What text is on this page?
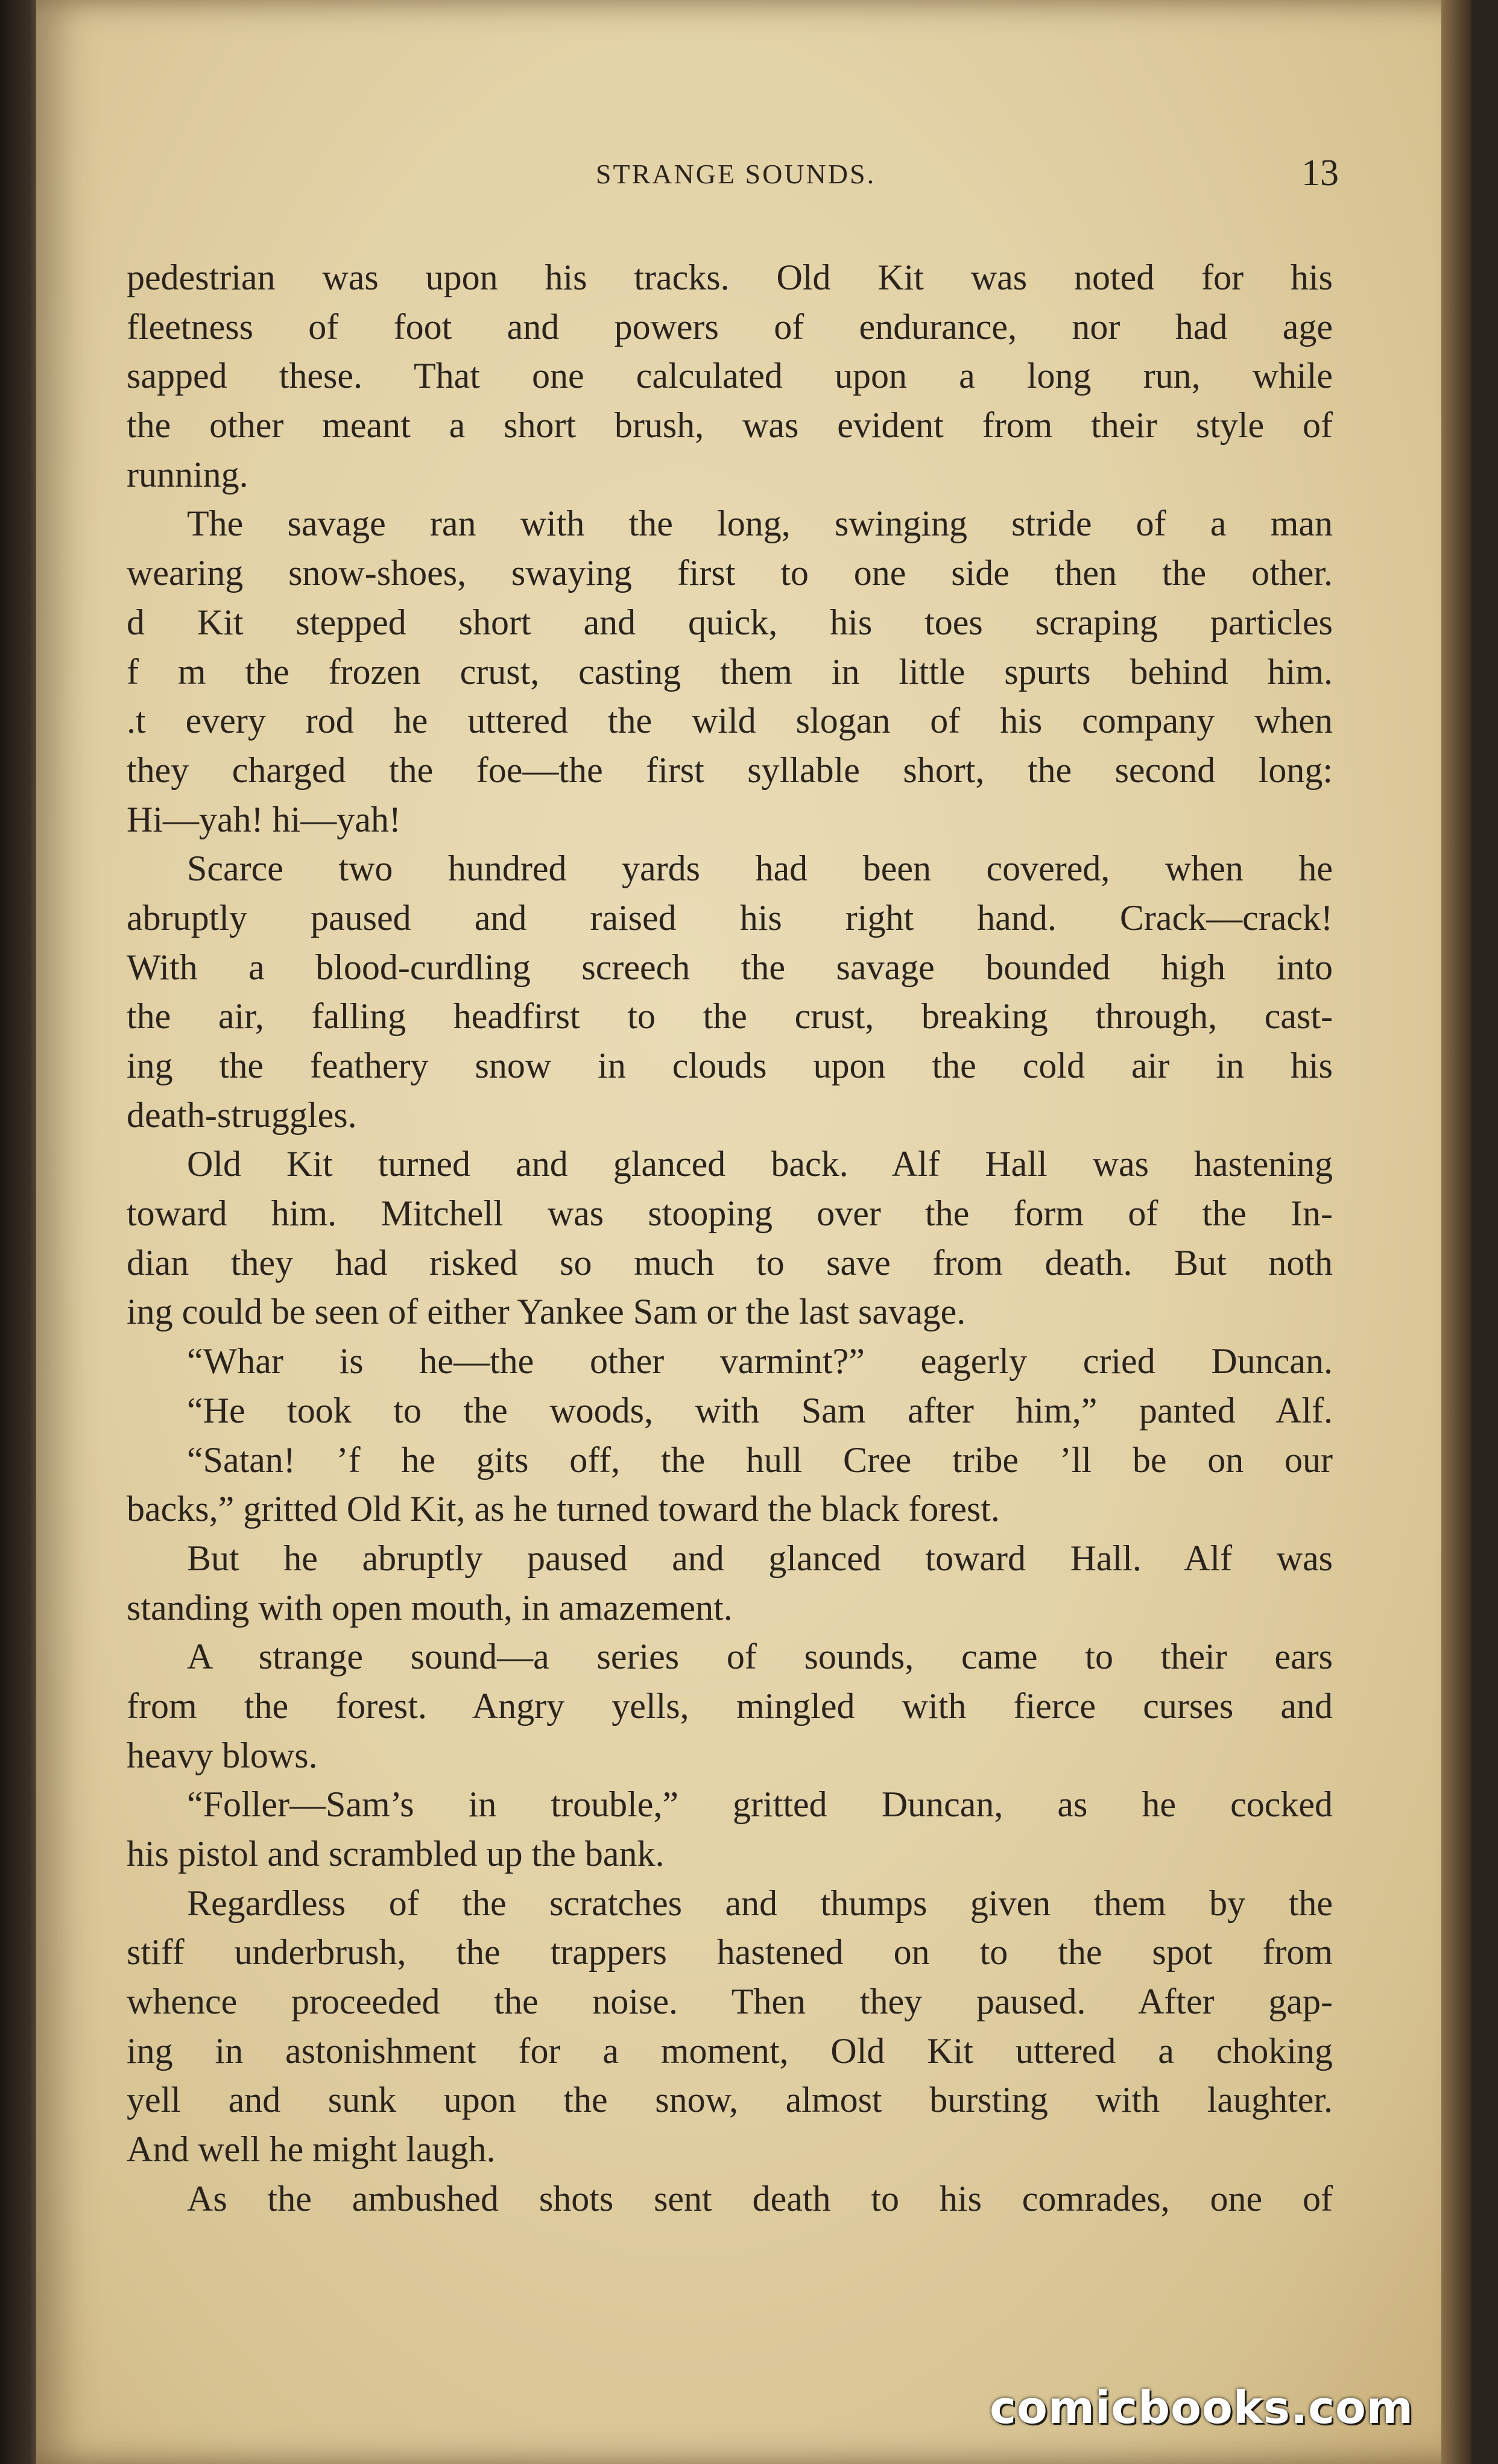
STRANGE SOUNDS.	13
pedestrian was upon his tracks. Old Kit was noted for his
fleetness of foot and powers of endurance, nor had age
sapped these. That one calculated upon a long run, while
the other meant a short brush, was evident from their style of
running.
The savage ran with the long, swinging stride of a man
wearing snow-shoes, swaying first to one side then the other.
d Kit stepped short and quick, his toes scraping particles
f m the frozen crust, casting them in little spurts behind him.
.t every rod he uttered the wild slogan of his company when
they charged the foe—the first syllable short, the second long:
Hi—yah! hi—yah!
Scarce two hundred yards had been covered, when he
abruptly paused and raised his right hand. Crack—crack!
With a blood-curdling screech the savage bounded high into
the air, falling headfirst to the crust, breaking through, cast-
ing the feathery snow in clouds upon the cold air in his
death-struggles.
Old Kit turned and glanced back. Alf Hall was hastening
toward him. Mitchell was stooping over the form of the In-
dian they had risked so much to save from death. But noth
ing could be seen of either Yankee Sam or the last savage.
“Whar is he—the other varmint?” eagerly cried Duncan.
“He took to the woods, with Sam after him,” panted Alf.
“Satan! ’f he gits off, the hull Cree tribe ’ll be on our
backs,” gritted Old Kit, as he turned toward the black forest.
But he abruptly paused and glanced toward Hall. Alf was
standing with open mouth, in amazement.
A strange sound—a series of sounds, came to their ears
from the forest. Angry yells, mingled with fierce curses and
heavy blows.
“Foller—Sam’s in trouble,” gritted Duncan, as he cocked
his pistol and scrambled up the bank.
Regardless of the scratches and thumps given them by the
stiff underbrush, the trappers hastened on to the spot from
whence proceeded the noise. Then they paused. After gap-
ing in astonishment for a moment, Old Kit uttered a choking
yell and sunk upon the snow, almost bursting with laughter.
And well he might laugh.
As the ambushed shots sent death to his comrades, one of
comicbooks.com
